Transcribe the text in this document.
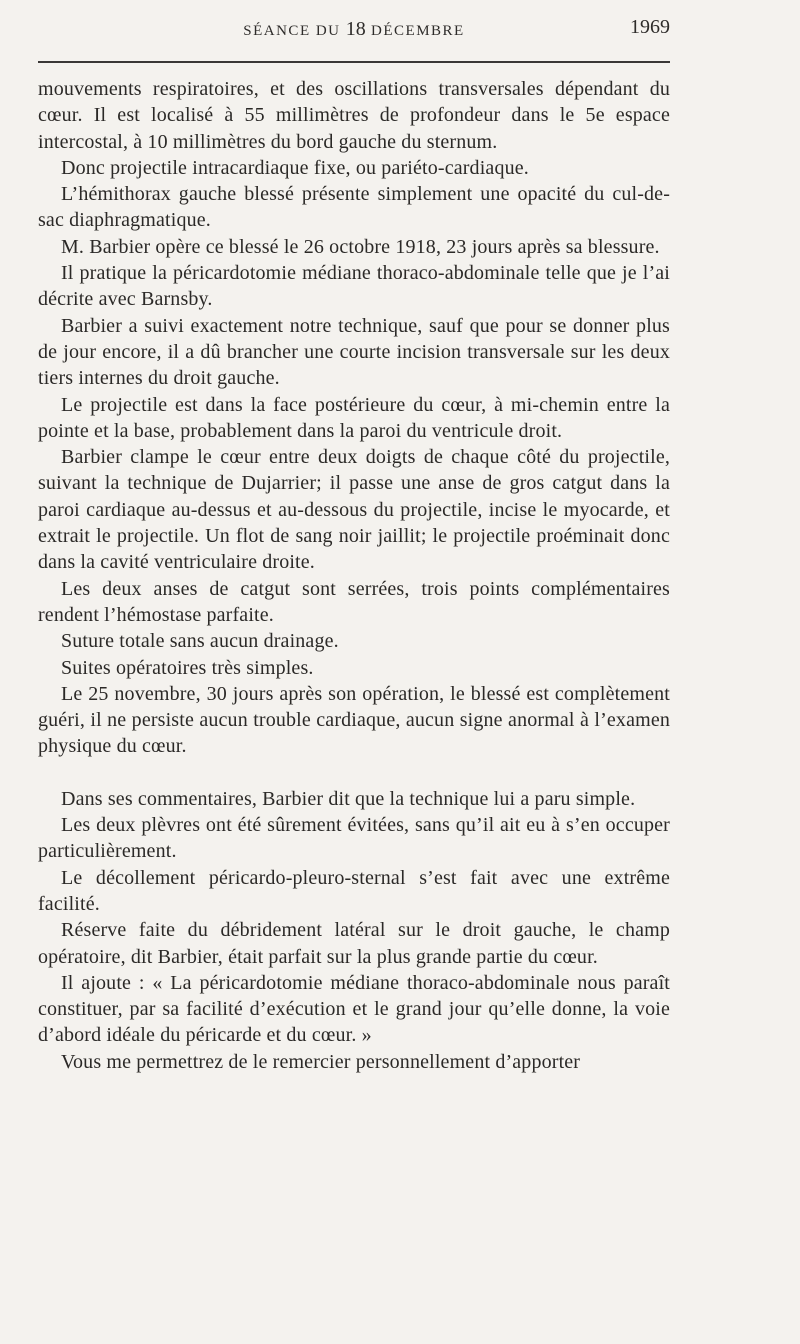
SÉANCE DU 18 DÉCEMBRE	1969

mouvements respiratoires, et des oscillations transversales dépendant du cœur. Il est localisé à 55 millimètres de profondeur dans le 5e espace intercostal, à 10 millimètres du bord gauche du sternum.

Donc projectile intracardiaque fixe, ou pariéto-cardiaque.

L’hémithorax gauche blessé présente simplement une opacité du cul-de-sac diaphragmatique.

M. Barbier opère ce blessé le 26 octobre 1918, 23 jours après sa blessure.

Il pratique la péricardotomie médiane thoraco-abdominale telle que je l’ai décrite avec Barnsby.

Barbier a suivi exactement notre technique, sauf que pour se donner plus de jour encore, il a dû brancher une courte incision transversale sur les deux tiers internes du droit gauche.

Le projectile est dans la face postérieure du cœur, à mi-chemin entre la pointe et la base, probablement dans la paroi du ventricule droit.

Barbier clampe le cœur entre deux doigts de chaque côté du projectile, suivant la technique de Dujarrier; il passe une anse de gros catgut dans la paroi cardiaque au-dessus et au-dessous du projectile, incise le myocarde, et extrait le projectile. Un flot de sang noir jaillit; le projectile proéminait donc dans la cavité ventriculaire droite.

Les deux anses de catgut sont serrées, trois points complémentaires rendent l’hémostase parfaite.

Suture totale sans aucun drainage.

Suites opératoires très simples.

Le 25 novembre, 30 jours après son opération, le blessé est complètement guéri, il ne persiste aucun trouble cardiaque, aucun signe anormal à l’examen physique du cœur.

Dans ses commentaires, Barbier dit que la technique lui a paru simple.

Les deux plèvres ont été sûrement évitées, sans qu’il ait eu à s’en occuper particulièrement.

Le décollement péricardo-pleuro-sternal s’est fait avec une extrême facilité.

Réserve faite du débridement latéral sur le droit gauche, le champ opératoire, dit Barbier, était parfait sur la plus grande partie du cœur.

Il ajoute : « La péricardotomie médiane thoraco-abdominale nous paraît constituer, par sa facilité d’exécution et le grand jour qu’elle donne, la voie d’abord idéale du péricarde et du cœur. »

Vous me permettrez de le remercier personnellement d’apporter
